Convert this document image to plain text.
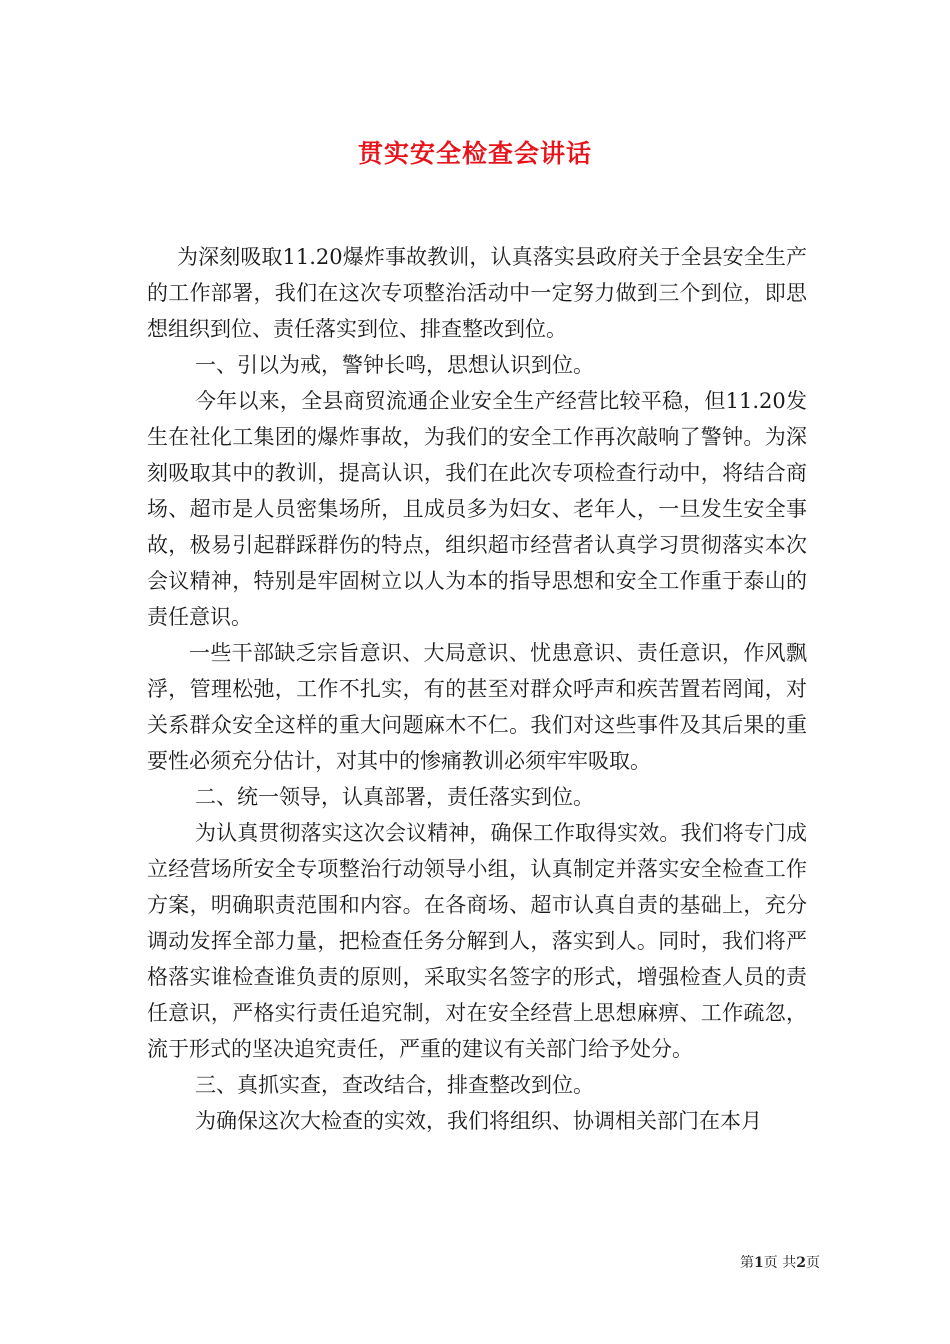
贯实安全检查会讲话

为深刻吸取11.20爆炸事故教训，认真落实县政府关于全县安全生产的工作部署，我们在这次专项整治活动中一定努力做到三个到位，即思想组织到位、责任落实到位、排查整改到位。

一、引以为戒，警钟长鸣，思想认识到位。

今年以来，全县商贸流通企业安全生产经营比较平稳，但11.20发生在社化工集团的爆炸事故，为我们的安全工作再次敲响了警钟。为深刻吸取其中的教训，提高认识，我们在此次专项检查行动中，将结合商场、超市是人员密集场所，且成员多为妇女、老年人，一旦发生安全事故，极易引起群踩群伤的特点，组织超市经营者认真学习贯彻落实本次会议精神，特别是牢固树立以人为本的指导思想和安全工作重于泰山的责任意识。

一些干部缺乏宗旨意识、大局意识、忧患意识、责任意识，作风飘浮，管理松弛，工作不扎实，有的甚至对群众呼声和疾苦置若罔闻，对关系群众安全这样的重大问题麻木不仁。我们对这些事件及其后果的重要性必须充分估计，对其中的惨痛教训必须牢牢吸取。

二、统一领导，认真部署，责任落实到位。

为认真贯彻落实这次会议精神，确保工作取得实效。我们将专门成立经营场所安全专项整治行动领导小组，认真制定并落实安全检查工作方案，明确职责范围和内容。在各商场、超市认真自责的基础上，充分调动发挥全部力量，把检查任务分解到人，落实到人。同时，我们将严格落实谁检查谁负责的原则，采取实名签字的形式，增强检查人员的责任意识，严格实行责任追究制，对在安全经营上思想麻痹、工作疏忽，流于形式的坚决追究责任，严重的建议有关部门给予处分。

三、真抓实查，查改结合，排查整改到位。

为确保这次大检查的实效，我们将组织、协调相关部门在本月

第1页 共2页
